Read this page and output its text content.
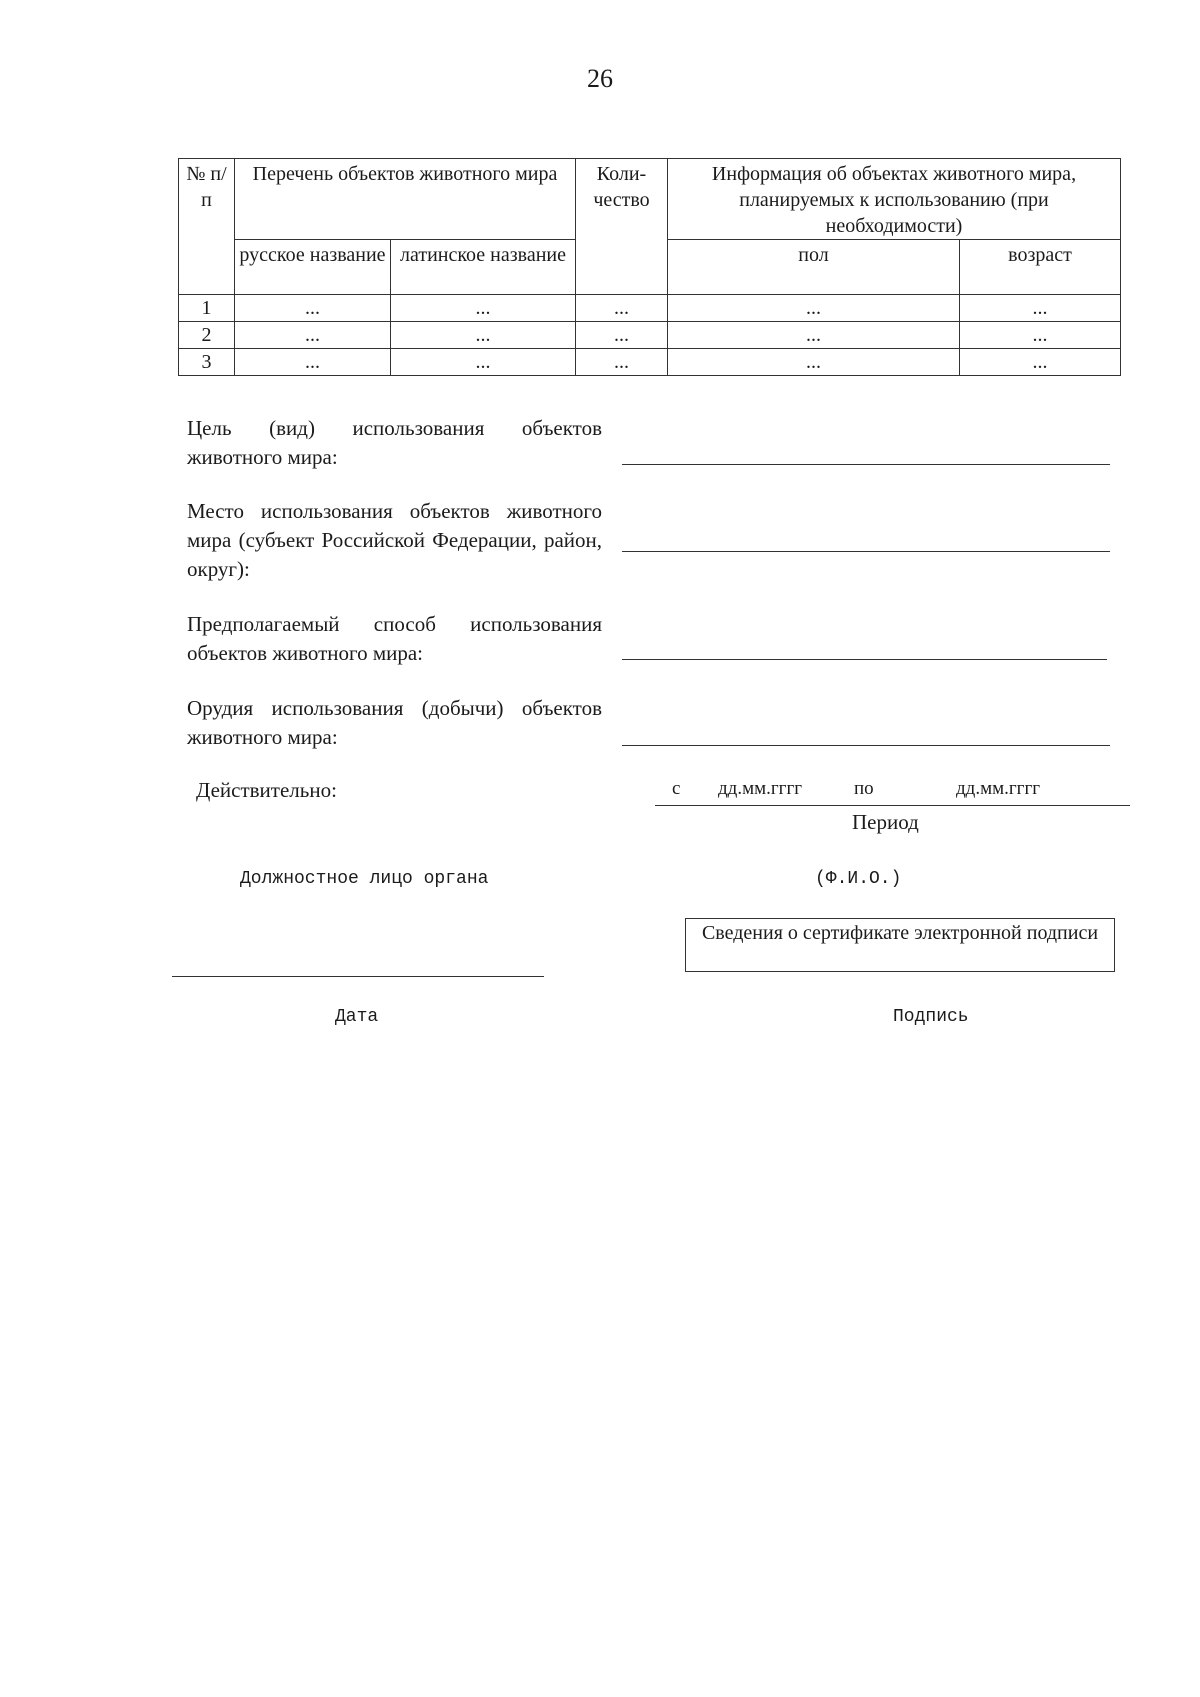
26
№ п/п	Перечень объектов животного мира		Коли-чество	Информация об объектах животного мира, планируемых к использованию (при необходимости)	
	русское название	латинское название		пол	возраст
1	...	...	...	...	...
2	...	...	...	...	...
3	...	...	...	...	...
Цель (вид) использования объектов животного мира:
Место использования объектов животного мира (субъект Российской Федерации, район, округ):
Предполагаемый способ использования объектов животного мира:
Орудия использования (добычи) объектов животного мира:
Действительно:	с дд.мм.гггг	по	дд.мм.гггг
Период
Должностное лицо органа	(Ф.И.О.)
Сведения о сертификате электронной подписи
Дата	Подпись
